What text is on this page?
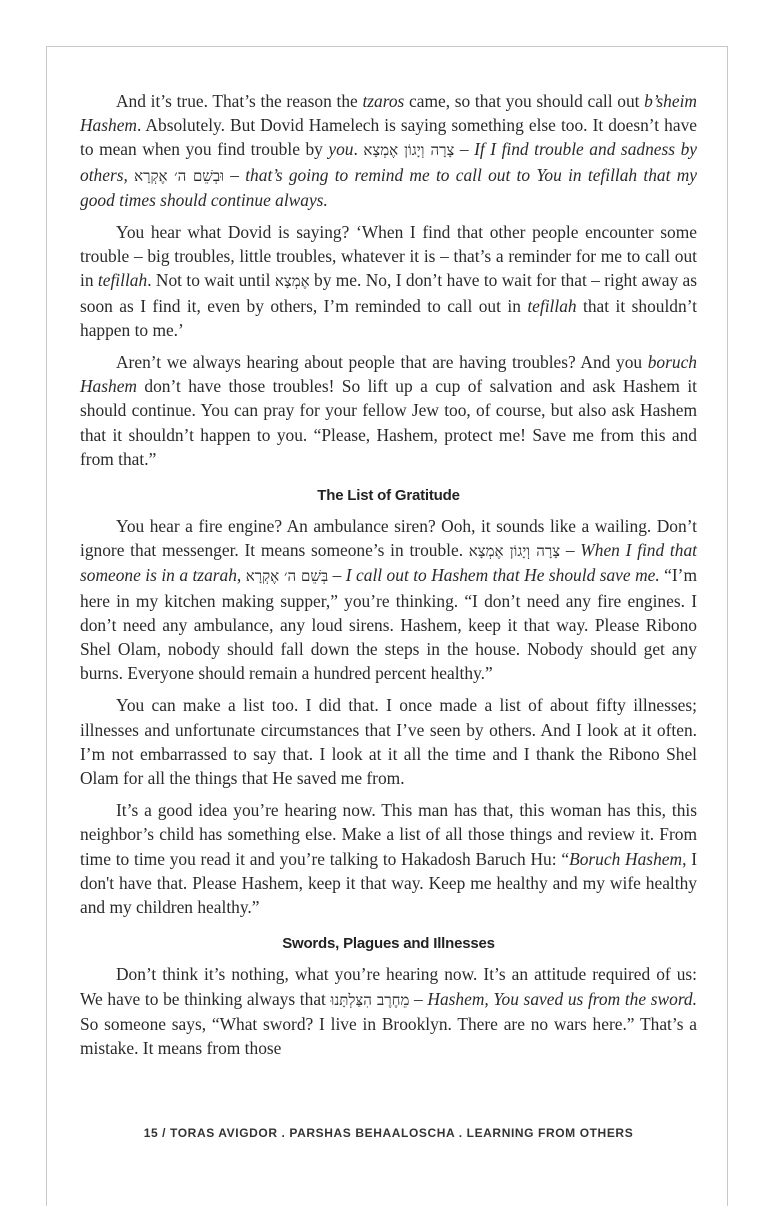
And it’s true. That’s the reason the tzaros came, so that you should call out b’sheim Hashem. Absolutely. But Dovid Hamelech is saying something else too. It doesn’t have to mean when you find trouble by you. צָרָה וְיָגוֹן אֶמְצָא – If I find trouble and sadness by others, וּבְשֵׁם ה׳ אֶקְרָא – that’s going to remind me to call out to You in tefillah that my good times should continue always.

You hear what Dovid is saying? ‘When I find that other people encounter some trouble – big troubles, little troubles, whatever it is – that’s a reminder for me to call out in tefillah. Not to wait until אֶמְצָא by me. No, I don’t have to wait for that – right away as soon as I find it, even by others, I’m reminded to call out in tefillah that it shouldn’t happen to me.’

Aren’t we always hearing about people that are having troubles? And you boruch Hashem don’t have those troubles! So lift up a cup of salvation and ask Hashem it should continue. You can pray for your fellow Jew too, of course, but also ask Hashem that it shouldn’t happen to you. “Please, Hashem, protect me! Save me from this and from that.”

The List of Gratitude

You hear a fire engine? An ambulance siren? Ooh, it sounds like a wailing. Don’t ignore that messenger. It means someone’s in trouble. צָרָה וְיָגוֹן אֶמְצָא – When I find that someone is in a tzarah, בְּשֵׁם ה׳ אֶקְרָא – I call out to Hashem that He should save me. “I’m here in my kitchen making supper,” you’re thinking. “I don’t need any fire engines. I don’t need any ambulance, any loud sirens. Hashem, keep it that way. Please Ribono Shel Olam, nobody should fall down the steps in the house. Nobody should get any burns. Everyone should remain a hundred percent healthy.”

You can make a list too. I did that. I once made a list of about fifty illnesses; illnesses and unfortunate circumstances that I’ve seen by others. And I look at it often. I’m not embarrassed to say that. I look at it all the time and I thank the Ribono Shel Olam for all the things that He saved me from.

It’s a good idea you’re hearing now. This man has that, this woman has this, this neighbor’s child has something else. Make a list of all those things and review it. From time to time you read it and you’re talking to Hakadosh Baruch Hu: “Boruch Hashem, I don't have that. Please Hashem, keep it that way. Keep me healthy and my wife healthy and my children healthy.”

Swords, Plagues and Illnesses

Don’t think it’s nothing, what you’re hearing now. It’s an attitude required of us: We have to be thinking always that מֵחֶרֶב הִצַּלְתָּנוּ – Hashem, You saved us from the sword. So someone says, “What sword? I live in Brooklyn. There are no wars here.” That’s a mistake. It means from those

15 / TORAS AVIGDOR . PARSHAS BEHAALOSCHA . LEARNING FROM OTHERS
